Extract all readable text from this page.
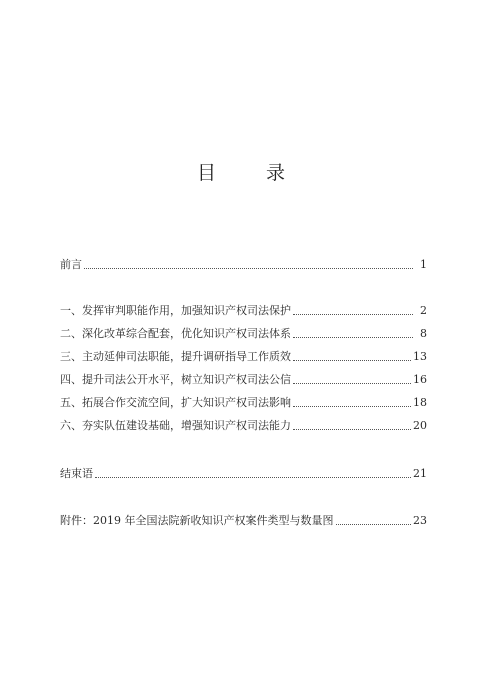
目 录
前言	1
一、发挥审判职能作用，加强知识产权司法保护	2
二、深化改革综合配套，优化知识产权司法体系	8
三、主动延伸司法职能，提升调研指导工作质效	13
四、提升司法公开水平，树立知识产权司法公信	16
五、拓展合作交流空间，扩大知识产权司法影响	18
六、夯实队伍建设基础，增强知识产权司法能力	20
结束语	21
附件：2019 年全国法院新收知识产权案件类型与数量图	23
